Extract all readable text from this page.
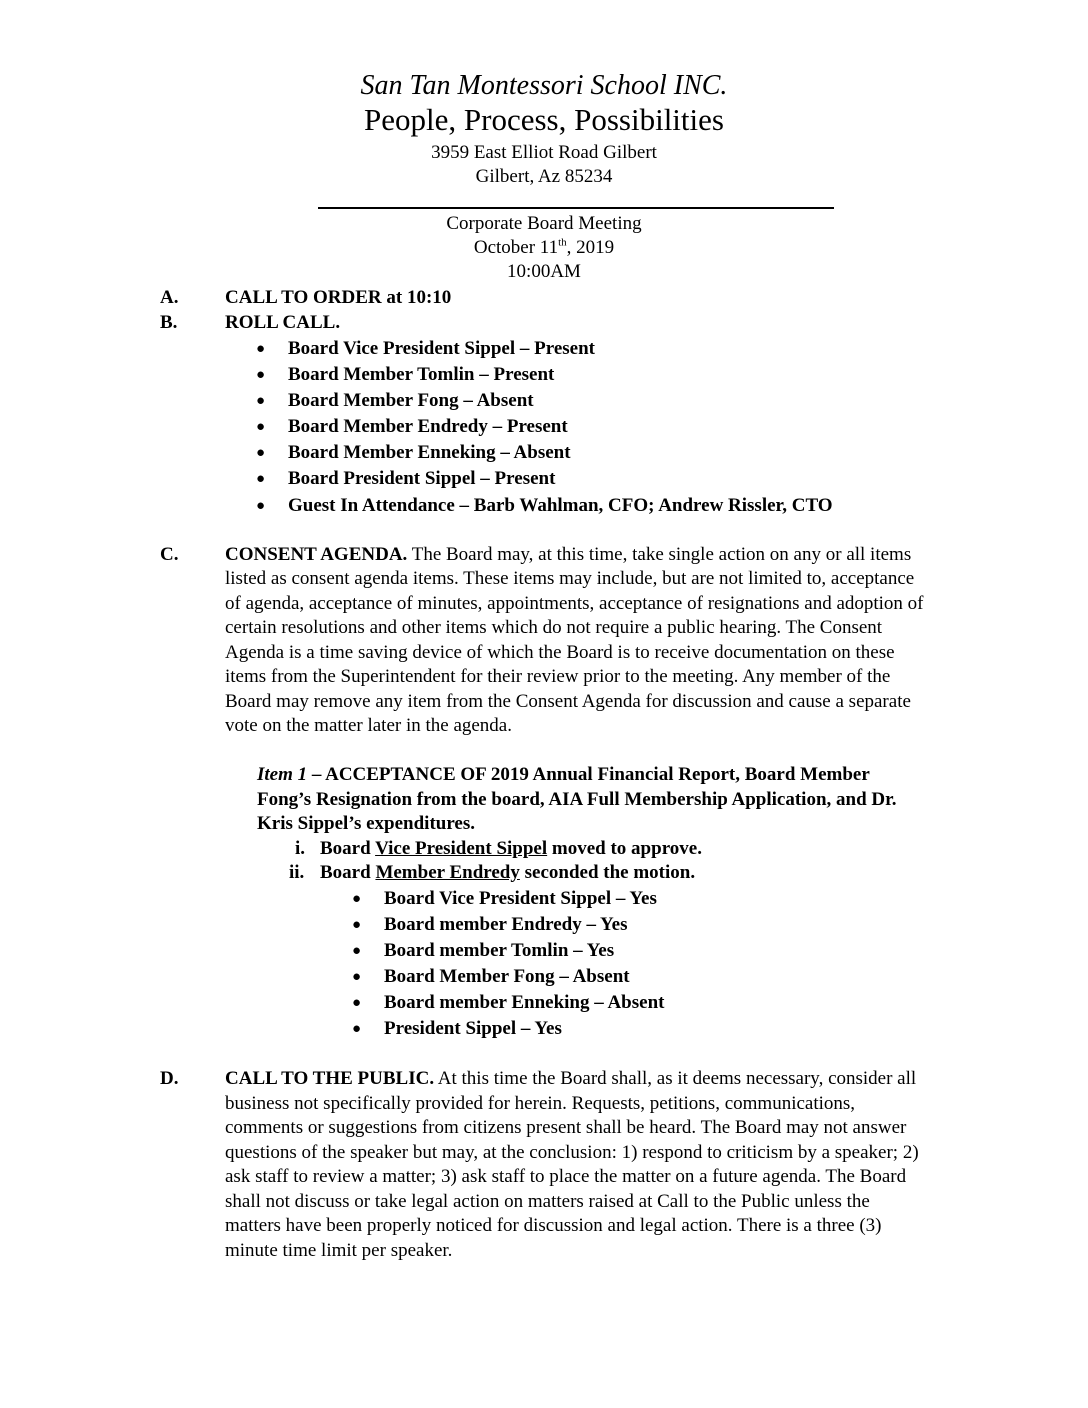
San Tan Montessori School INC.
People, Process, Possibilities
3959 East Elliot Road Gilbert
Gilbert, Az 85234
Corporate Board Meeting
October 11th, 2019
10:00AM
A. CALL TO ORDER at 10:10
B.	ROLL CALL.
● Board Vice President Sippel – Present
● Board Member Tomlin – Present
● Board Member Fong – Absent
● Board Member Endredy – Present
● Board Member Enneking – Absent
● Board President Sippel – Present
● Guest In Attendance – Barb Wahlman, CFO; Andrew Rissler, CTO
C. CONSENT AGENDA. The Board may, at this time, take single action on any or all items
listed as consent agenda items. These items may include, but are not limited to, acceptance
of agenda, acceptance of minutes, appointments, acceptance of resignations and adoption of
certain resolutions and other items which do not require a public hearing. The Consent
Agenda is a time saving device of which the Board is to receive documentation on these
items from the Superintendent for their review prior to the meeting. Any member of the
Board may remove any item from the Consent Agenda for discussion and cause a separate
vote on the matter later in the agenda.
Item 1 – ACCEPTANCE OF 2019 Annual Financial Report, Board Member
Fong’s Resignation from the board, AIA Full Membership Application, and Dr.
Kris Sippel’s expenditures.
i. Board Vice President Sippel moved to approve.
ii. Board Member Endredy seconded the motion.
● Board Vice President Sippel – Yes
● Board member Endredy – Yes
● Board member Tomlin – Yes
● Board Member Fong – Absent
● Board member Enneking – Absent
● President Sippel – Yes
D. CALL TO THE PUBLIC. At this time the Board shall, as it deems necessary, consider all
business not specifically provided for herein. Requests, petitions, communications,
comments or suggestions from citizens present shall be heard. The Board may not answer
questions of the speaker but may, at the conclusion: 1) respond to criticism by a speaker; 2)
ask staff to review a matter; 3) ask staff to place the matter on a future agenda. The Board
shall not discuss or take legal action on matters raised at Call to the Public unless the
matters have been properly noticed for discussion and legal action. There is a three (3)
minute time limit per speaker.
